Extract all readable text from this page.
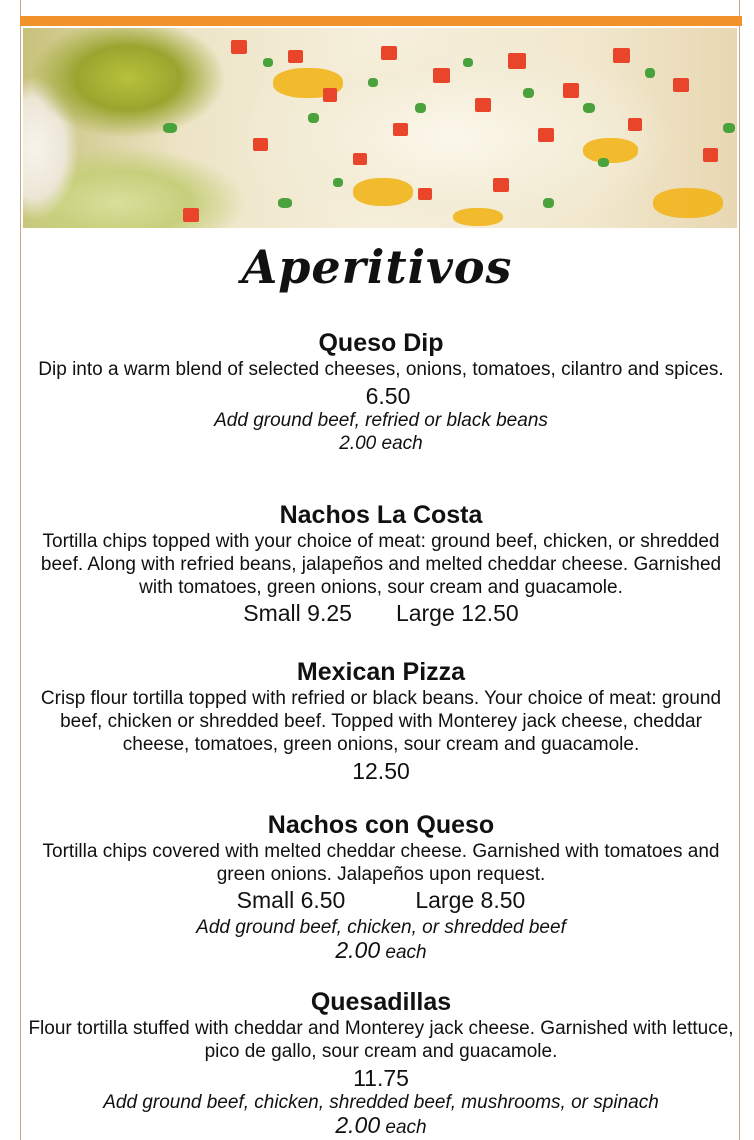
Aperitivos
Queso Dip
Dip into a warm blend of selected cheeses, onions, tomatoes, cilantro and spices.
6.50
Add ground beef, refried or black beans
2.00 each
Nachos La Costa
Tortilla chips topped with your choice of meat: ground beef, chicken, or shredded beef. Along with refried beans, jalapeños and melted cheddar cheese. Garnished with tomatoes, green onions, sour cream and guacamole.
Small 9.25 Large 12.50
Mexican Pizza
Crisp flour tortilla topped with refried or black beans. Your choice of meat: ground beef, chicken or shredded beef. Topped with Monterey jack cheese, cheddar cheese, tomatoes, green onions, sour cream and guacamole.
12.50
Nachos con Queso
Tortilla chips covered with melted cheddar cheese. Garnished with tomatoes and green onions. Jalapeños upon request.
Small 6.50	Large 8.50
Add ground beef, chicken, or shredded beef
2.00 each
Quesadillas
Flour tortilla stuffed with cheddar and Monterey jack cheese. Garnished with lettuce, pico de gallo, sour cream and guacamole.
11.75
Add ground beef, chicken, shredded beef, mushrooms, or spinach
2.00 each
